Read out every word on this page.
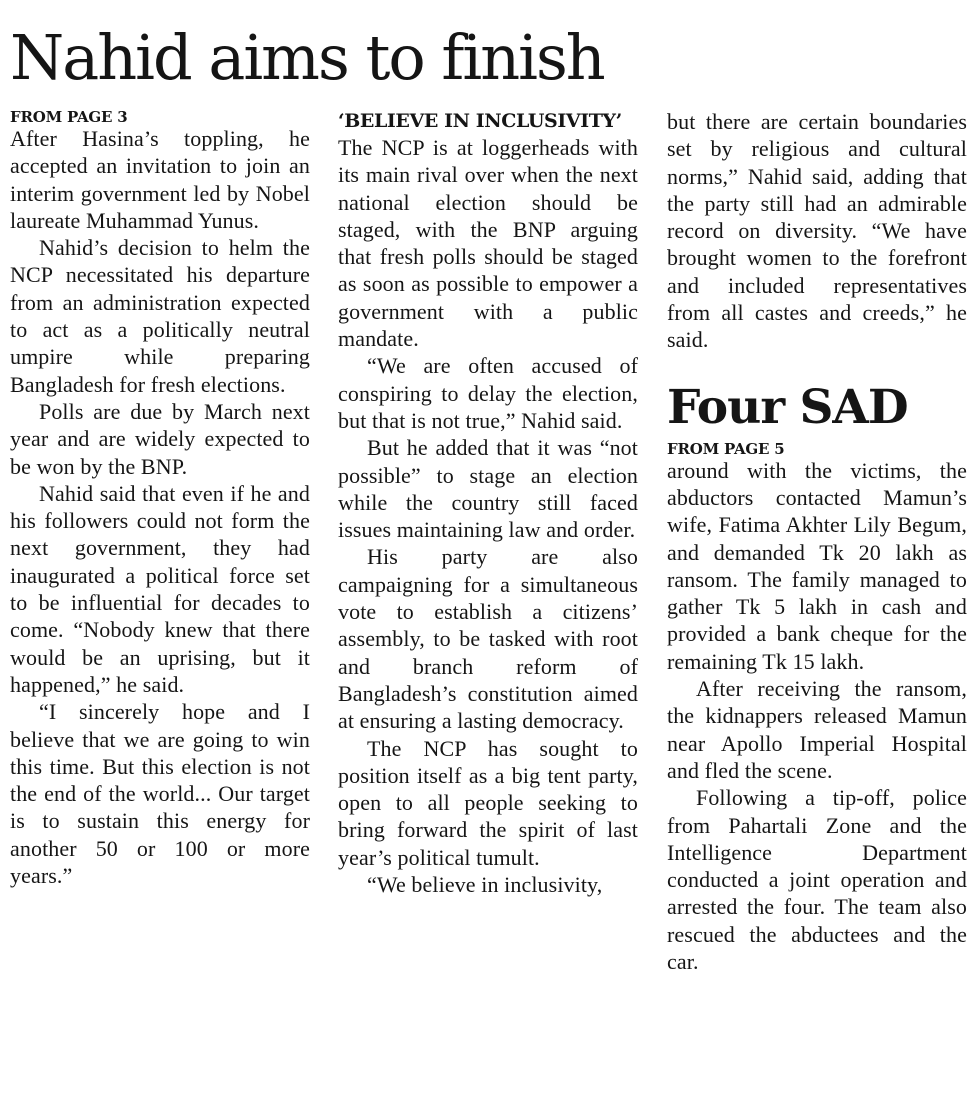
Nahid aims to finish
FROM PAGE 3

After Hasina’s toppling, he accepted an invitation to join an interim government led by Nobel laureate Muhammad Yunus.

Nahid’s decision to helm the NCP necessitated his departure from an administration expected to act as a politically neutral umpire while preparing Bangladesh for fresh elections.

Polls are due by March next year and are widely expected to be won by the BNP.

Nahid said that even if he and his followers could not form the next government, they had inaugurated a political force set to be influential for decades to come. “Nobody knew that there would be an uprising, but it happened,” he said.

“I sincerely hope and I believe that we are going to win this time. But this election is not the end of the world... Our target is to sustain this energy for another 50 or 100 or more years.”

‘BELIEVE IN INCLUSIVITY’

The NCP is at loggerheads with its main rival over when the next national election should be staged, with the BNP arguing that fresh polls should be staged as soon as possible to empower a government with a public mandate.

“We are often accused of conspiring to delay the election, but that is not true,” Nahid said.

But he added that it was “not possible” to stage an election while the country still faced issues maintaining law and order.

His party are also campaigning for a simultaneous vote to establish a citizens’ assembly, to be tasked with root and branch reform of Bangladesh’s constitution aimed at ensuring a lasting democracy.

The NCP has sought to position itself as a big tent party, open to all people seeking to bring forward the spirit of last year’s political tumult.

“We believe in inclusivity,

but there are certain boundaries set by religious and cultural norms,” Nahid said, adding that the party still had an admirable record on diversity. “We have brought women to the forefront and included representatives from all castes and creeds,” he said.

Four SAD
FROM PAGE 5

around with the victims, the abductors contacted Mamun’s wife, Fatima Akhter Lily Begum, and demanded Tk 20 lakh as ransom. The family managed to gather Tk 5 lakh in cash and provided a bank cheque for the remaining Tk 15 lakh.

After receiving the ransom, the kidnappers released Mamun near Apollo Imperial Hospital and fled the scene.

Following a tip-off, police from Pahartali Zone and the Intelligence Department conducted a joint operation and arrested the four. The team also rescued the abductees and the car.
